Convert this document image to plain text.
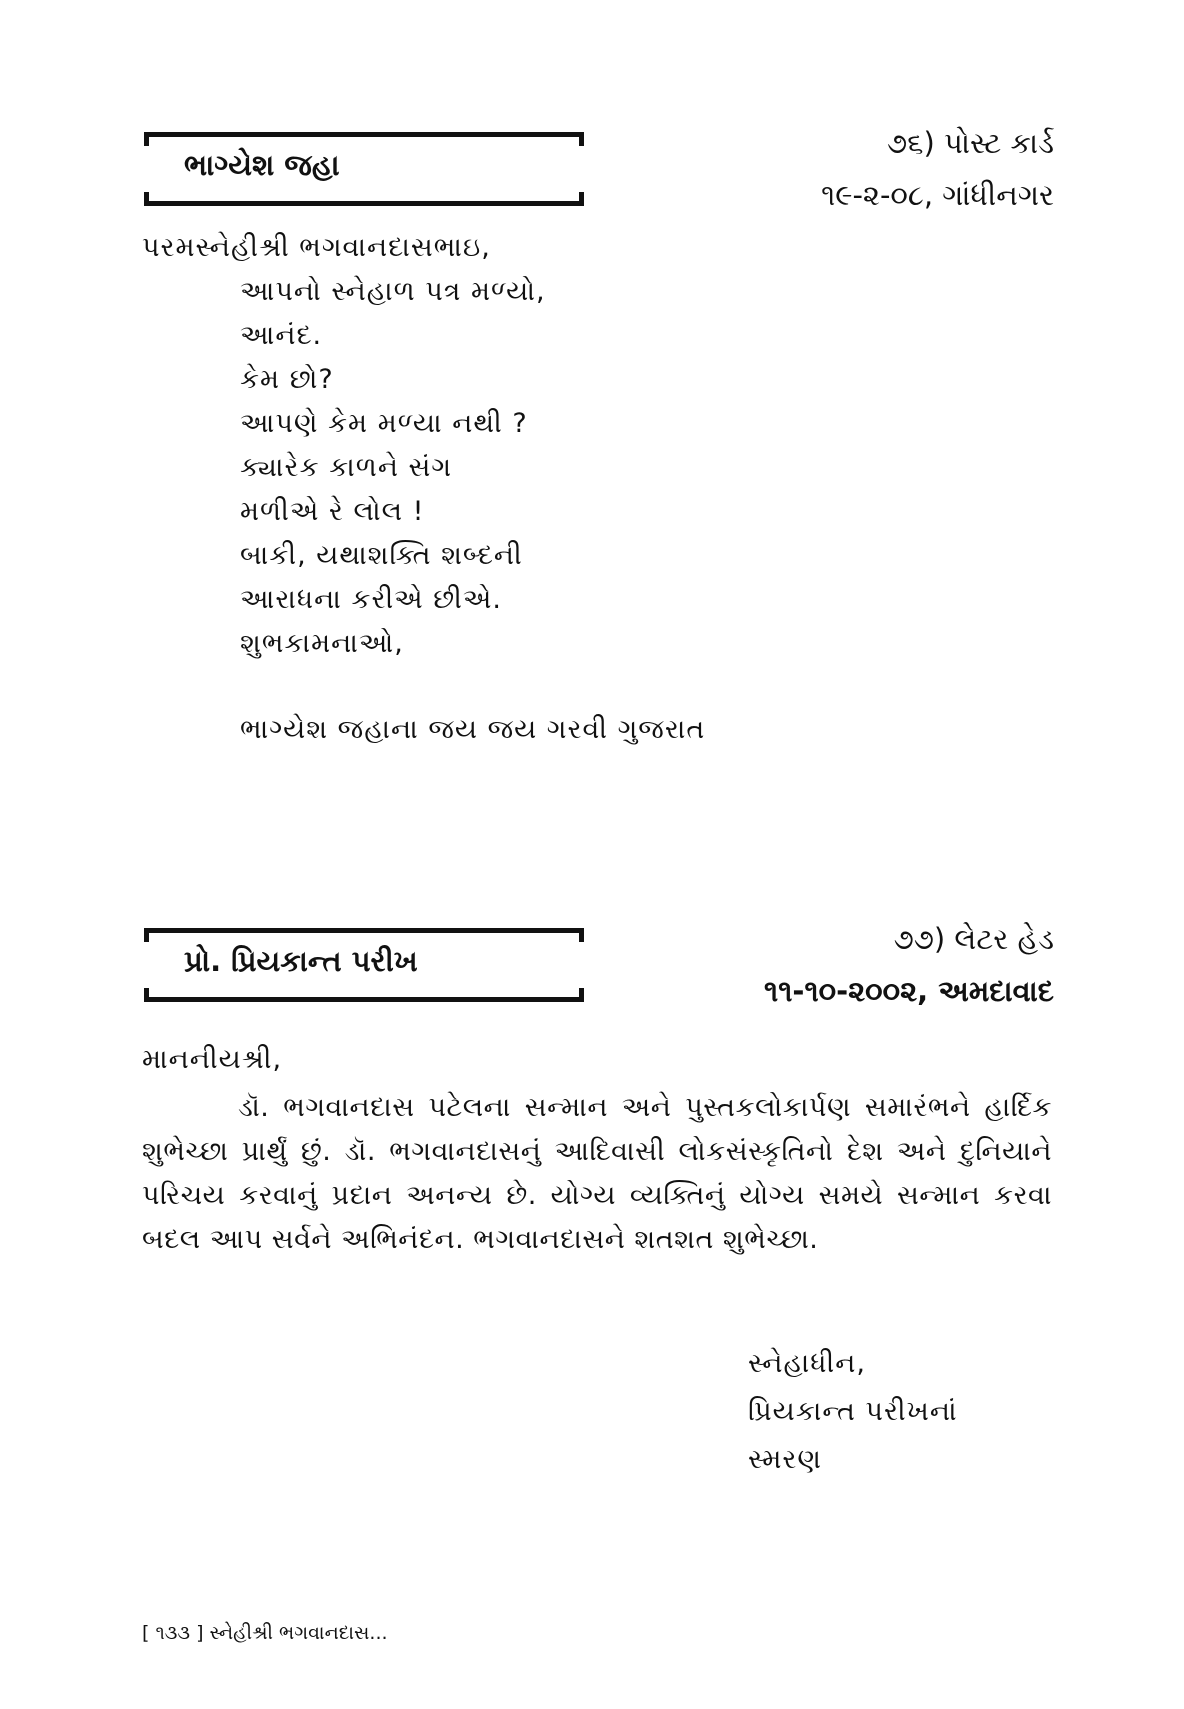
ભાગ્યેશ જહા
૭૬) પોસ્ટ કાર્ડ
૧૯-૨-૦૮, ગાંધીનગર
પરમસ્નેહીશ્રી ભગવાનદાસભાઇ,
આપનો સ્નેહાળ પત્ર મળ્યો,
આનંદ.
કેમ છો?
આપણે કેમ મળ્યા નથી ?
ક્યારેક કાળને સંગ
મળીએ રે લોલ !
બાકી, યથાશક્તિ શબ્દની
આરાધના કરીએ છીએ.
શુભકામનાઓ,
ભાગ્યેશ જહાના જય જય ગરવી ગુજરાત
પ્રો. પ્રિયકાન્ત પરીખ
૭૭) લેટર હેડ
૧૧-૧૦-૨૦૦૨, અમદાવાદ
માનનીયશ્રી,
ડૉ. ભગવાનદાસ પટેલના સન્માન અને પુસ્તકલોકાર્પણ સમારંભને હાર્દિક શુભેચ્છા પ્રાર્થું છું. ડૉ. ભગવાનદાસનું આદિવાસી લોકસંસ્કૃતિનો દેશ અને દુનિયાને પરિચય કરવાનું પ્રદાન અનન્ય છે. યોગ્ય વ્યક્તિનું યોગ્ય સમયે સન્માન કરવા બદલ આપ સર્વને અભિનંદન. ભગવાનદાસને શતશત શુભેચ્છા.
સ્નેહાધીન,
પ્રિયકાન્ત પરીખનાં
સ્મરણ
[ ૧૩૩ ] સ્નેહીશ્રી ભગવાનદાસ...
